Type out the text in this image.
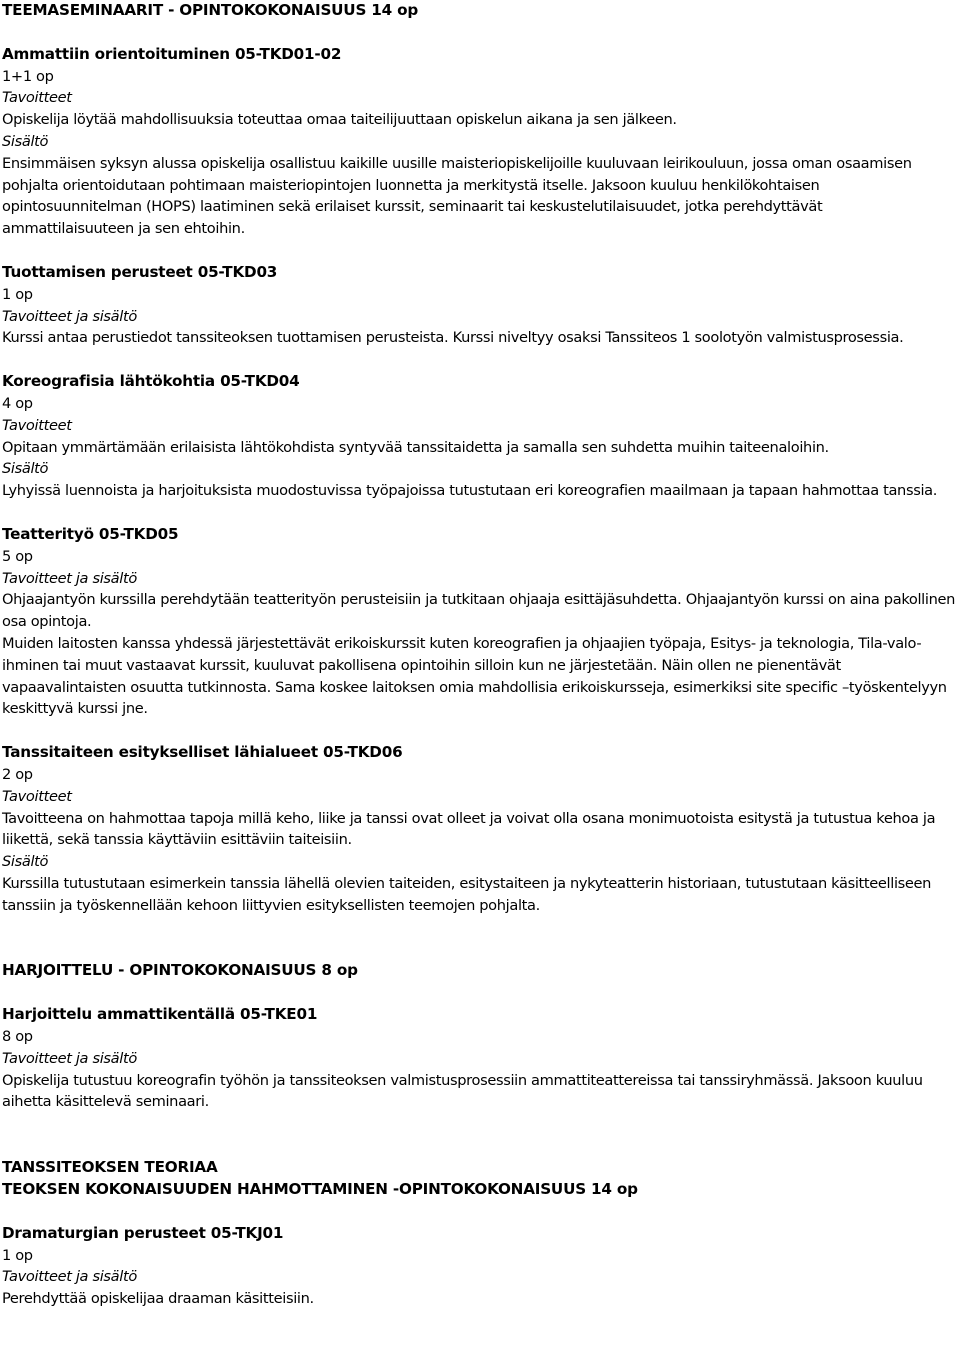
TEEMASEMINAARIT - OPINTOKOKONAISUUS 14 op
Ammattiin orientoituminen 05-TKD01-02
1+1 op
Tavoitteet
Opiskelija löytää mahdollisuuksia toteuttaa omaa taiteilijuuttaan opiskelun aikana ja sen jälkeen.
Sisältö
Ensimmäisen syksyn alussa opiskelija osallistuu kaikille uusille maisteriopiskelijoille kuuluvaan leirikouluun, jossa oman osaamisen pohjalta orientoidutaan pohtimaan maisteriopintojen luonnetta ja merkitystä itselle. Jaksoon kuuluu henkilökohtaisen opintosuunnitelman (HOPS) laatiminen sekä erilaiset kurssit, seminaarit tai keskustelutilaisuudet, jotka perehdyttävät ammattilaisuuteen ja sen ehtoihin.
Tuottamisen perusteet 05-TKD03
1 op
Tavoitteet ja sisältö
Kurssi antaa perustiedot tanssiteoksen tuottamisen perusteista. Kurssi niveltyy osaksi Tanssiteos 1 soolotyön valmistusprosessia.
Koreografisia lähtökohtia 05-TKD04
4 op
Tavoitteet
Opitaan ymmärtämään erilaisista lähtökohdista syntyvää tanssitaidetta ja samalla sen suhdetta muihin taiteenaloihin.
Sisältö
Lyhyissä luennoista ja harjoituksista muodostuvissa työpajoissa tutustutaan eri koreografien maailmaan ja tapaan hahmottaa tanssia.
Teatterityö 05-TKD05
5 op
Tavoitteet ja sisältö
Ohjaajantyön kurssilla perehdytään teatterityön perusteisiin ja tutkitaan ohjaaja esittäjäsuhdetta. Ohjaajantyön kurssi on aina pakollinen osa opintoja.
Muiden laitosten kanssa yhdessä järjestettävät erikoiskurssit kuten koreografien ja ohjaajien työpaja, Esitys- ja teknologia, Tila-valo-ihminen tai muut vastaavat kurssit, kuuluvat pakollisena opintoihin silloin kun ne järjestetään. Näin ollen ne pienentävät vapaavalintaisten osuutta tutkinnosta. Sama koskee laitoksen omia mahdollisia erikoiskursseja, esimerkiksi site specific –työskentelyyn keskittyvä kurssi jne.
Tanssitaiteen esitykselliset lähialueet 05-TKD06
2 op
Tavoitteet
Tavoitteena on hahmottaa tapoja millä keho, liike ja tanssi ovat olleet ja voivat olla osana monimuotoista esitystä ja tutustua kehoa ja liikettä, sekä tanssia käyttäviin esittäviin taiteisiin.
Sisältö
Kurssilla tutustutaan esimerkein tanssia lähellä olevien taiteiden, esitystaiteen ja nykyteatterin historiaan, tutustutaan käsitteelliseen tanssiin ja työskennellään kehoon liittyvien esityksellisten teemojen pohjalta.
HARJOITTELU - OPINTOKOKONAISUUS 8 op
Harjoittelu ammattikentällä 05-TKE01
8 op
Tavoitteet ja sisältö
Opiskelija tutustuu koreografin työhön ja tanssiteoksen valmistusprosessiin ammattiteattereissa tai tanssiryhmässä. Jaksoon kuuluu aihetta käsittelevä seminaari.
TANSSITEOKSEN TEORIAA
TEOKSEN KOKONAISUUDEN HAHMOTTAMINEN -OPINTOKOKONAISUUS 14 op
Dramaturgian perusteet 05-TKJ01
1 op
Tavoitteet ja sisältö
Perehdyttää opiskelijaa draaman käsitteisiin.
